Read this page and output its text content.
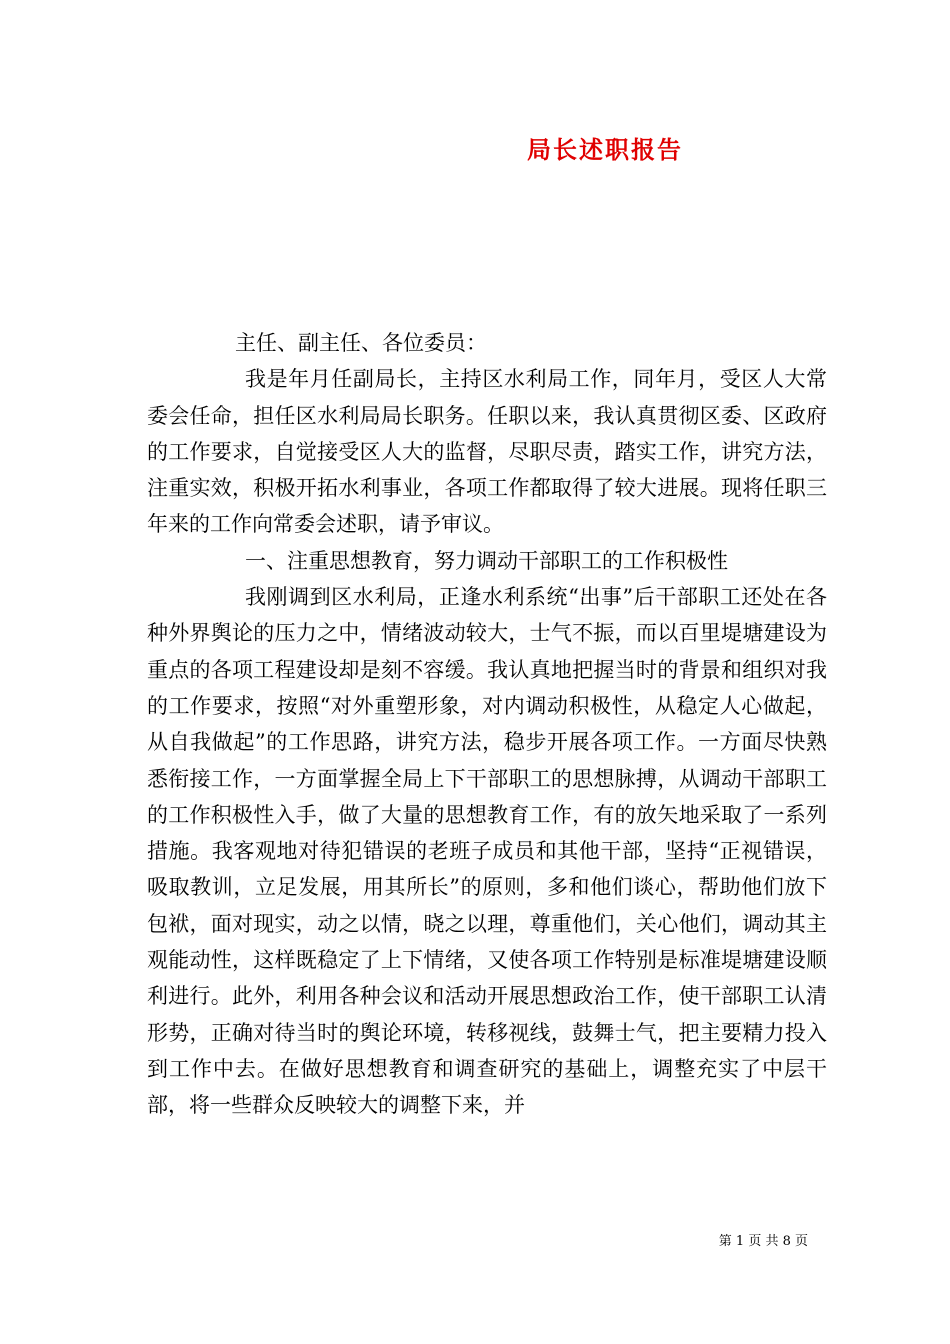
局长述职报告

主任、副主任、各位委员：

我是年月任副局长，主持区水利局工作，同年月，受区人大常委会任命，担任区水利局局长职务。任职以来，我认真贯彻区委、区政府的工作要求，自觉接受区人大的监督，尽职尽责，踏实工作，讲究方法，注重实效，积极开拓水利事业，各项工作都取得了较大进展。现将任职三年来的工作向常委会述职，请予审议。

一、注重思想教育，努力调动干部职工的工作积极性

我刚调到区水利局，正逢水利系统“出事”后干部职工还处在各种外界舆论的压力之中，情绪波动较大，士气不振，而以百里堤塘建设为重点的各项工程建设却是刻不容缓。我认真地把握当时的背景和组织对我的工作要求，按照“对外重塑形象，对内调动积极性，从稳定人心做起，从自我做起”的工作思路，讲究方法，稳步开展各项工作。一方面尽快熟悉衔接工作，一方面掌握全局上下干部职工的思想脉搏，从调动干部职工的工作积极性入手，做了大量的思想教育工作，有的放矢地采取了一系列措施。我客观地对待犯错误的老班子成员和其他干部，坚持“正视错误，吸取教训，立足发展，用其所长”的原则，多和他们谈心，帮助他们放下包袱，面对现实，动之以情，晓之以理，尊重他们，关心他们，调动其主观能动性，这样既稳定了上下情绪，又使各项工作特别是标准堤塘建设顺利进行。此外，利用各种会议和活动开展思想政治工作，使干部职工认清形势，正确对待当时的舆论环境，转移视线，鼓舞士气，把主要精力投入到工作中去。在做好思想教育和调查研究的基础上，调整充实了中层干部，将一些群众反映较大的调整下来，并

第 1 页 共 8 页
